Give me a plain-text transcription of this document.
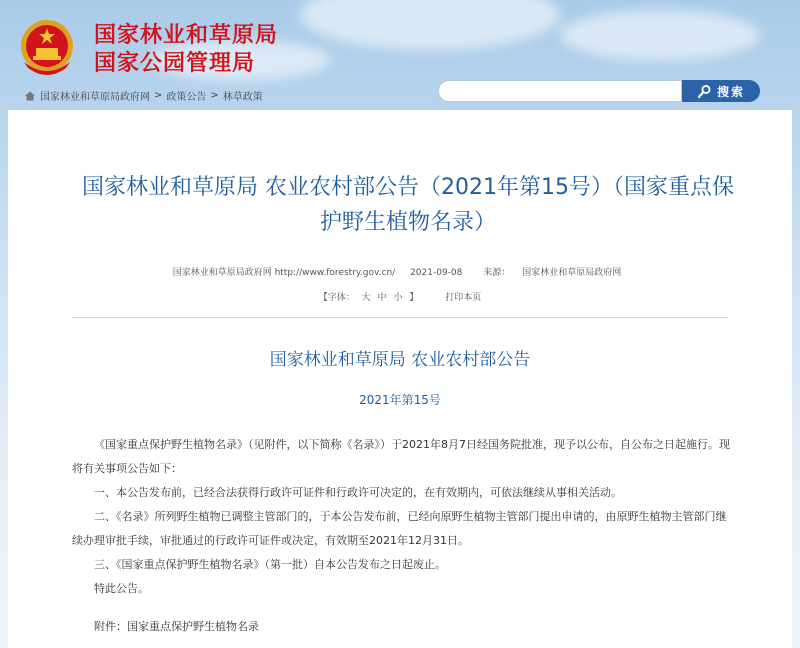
国家林业和草原局
国家公园管理局
国家林业和草原局政府网 > 政策公告 > 林草政策	搜索
国家林业和草原局 农业农村部公告（2021年第15号）（国家重点保护野生植物名录）
国家林业和草原局政府网 http://www.forestry.gov.cn/ 2021-09-08 来源： 国家林业和草原局政府网
【字体： 大 中 小 】	打印本页
国家林业和草原局 农业农村部公告
2021年第15号

《国家重点保护野生植物名录》（见附件，以下简称《名录》）于2021年8月7日经国务院批准，现予以公布，自公布之日起施行。现将有关事项公告如下：

一、本公告发布前，已经合法获得行政许可证件和行政许可决定的，在有效期内，可依法继续从事相关活动。

二、《名录》所列野生植物已调整主管部门的，于本公告发布前，已经向原野生植物主管部门提出申请的，由原野生植物主管部门继续办理审批手续，审批通过的行政许可证件或决定，有效期至2021年12月31日。

三、《国家重点保护野生植物名录》（第一批）自本公告发布之日起废止。

特此公告。

附件：国家重点保护野生植物名录
